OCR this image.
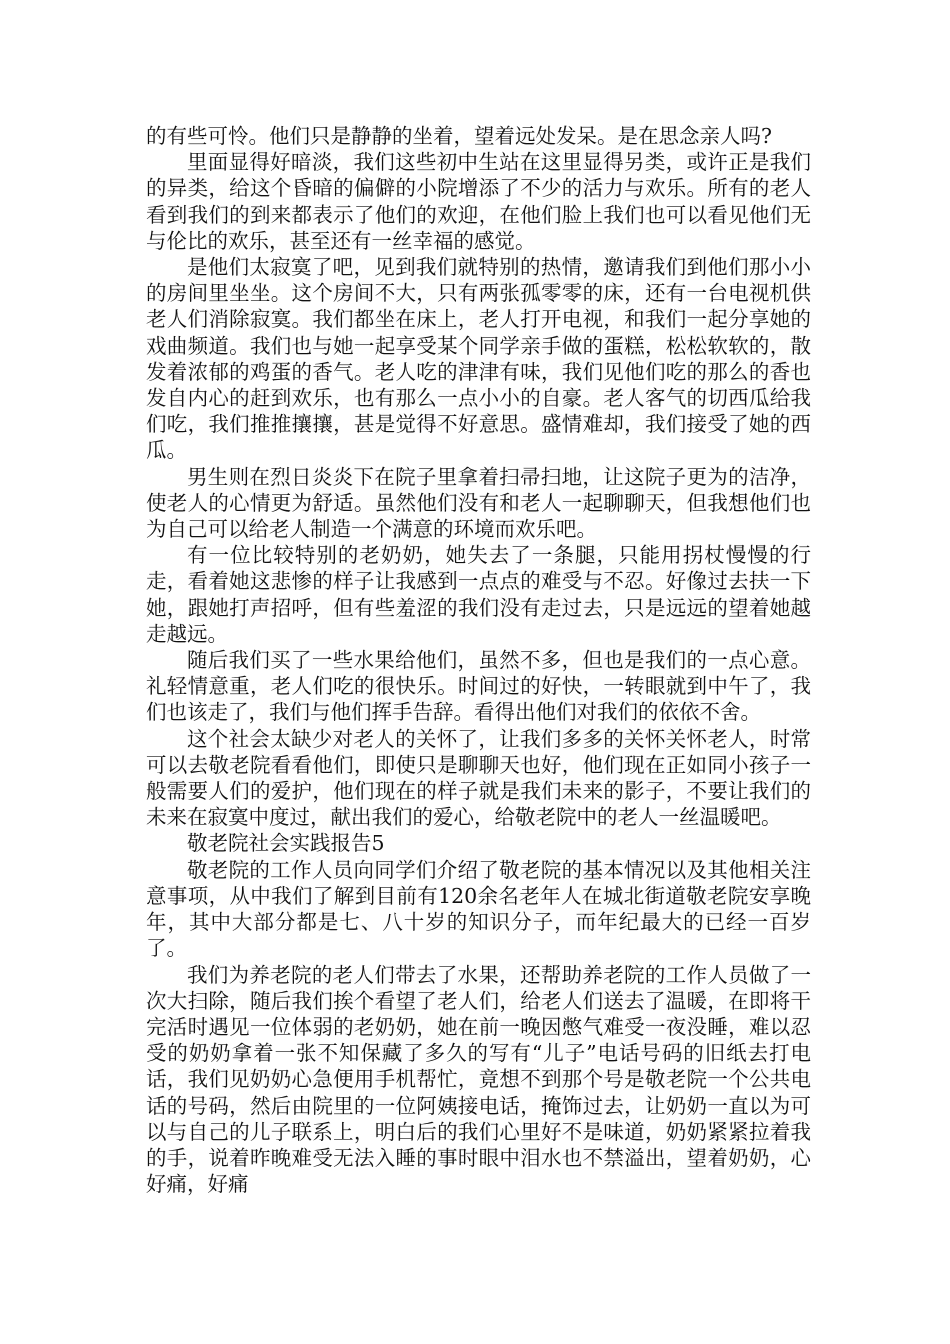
的有些可怜。他们只是静静的坐着，望着远处发呆。是在思念亲人吗?

里面显得好暗淡，我们这些初中生站在这里显得另类，或许正是我们的异类，给这个昏暗的偏僻的小院增添了不少的活力与欢乐。所有的老人看到我们的到来都表示了他们的欢迎，在他们脸上我们也可以看见他们无与伦比的欢乐，甚至还有一丝幸福的感觉。

是他们太寂寞了吧，见到我们就特别的热情，邀请我们到他们那小小的房间里坐坐。这个房间不大，只有两张孤零零的床，还有一台电视机供老人们消除寂寞。我们都坐在床上，老人打开电视，和我们一起分享她的戏曲频道。我们也与她一起享受某个同学亲手做的蛋糕，松松软软的，散发着浓郁的鸡蛋的香气。老人吃的津津有味，我们见他们吃的那么的香也发自内心的赶到欢乐，也有那么一点小小的自豪。老人客气的切西瓜给我们吃，我们推推攘攘，甚是觉得不好意思。盛情难却，我们接受了她的西瓜。

男生则在烈日炎炎下在院子里拿着扫帚扫地，让这院子更为的洁净，使老人的心情更为舒适。虽然他们没有和老人一起聊聊天，但我想他们也为自己可以给老人制造一个满意的环境而欢乐吧。

有一位比较特别的老奶奶，她失去了一条腿，只能用拐杖慢慢的行走，看着她这悲惨的样子让我感到一点点的难受与不忍。好像过去扶一下她，跟她打声招呼，但有些羞涩的我们没有走过去，只是远远的望着她越走越远。

随后我们买了一些水果给他们，虽然不多，但也是我们的一点心意。礼轻情意重，老人们吃的很快乐。时间过的好快，一转眼就到中午了，我们也该走了，我们与他们挥手告辞。看得出他们对我们的依依不舍。

这个社会太缺少对老人的关怀了，让我们多多的关怀关怀老人，时常可以去敬老院看看他们，即使只是聊聊天也好，他们现在正如同小孩子一般需要人们的爱护，他们现在的样子就是我们未来的影子，不要让我们的未来在寂寞中度过，献出我们的爱心，给敬老院中的老人一丝温暖吧。

敬老院社会实践报告5

敬老院的工作人员向同学们介绍了敬老院的基本情况以及其他相关注意事项，从中我们了解到目前有120余名老年人在城北街道敬老院安享晚年，其中大部分都是七、八十岁的知识分子，而年纪最大的已经一百岁了。

我们为养老院的老人们带去了水果，还帮助养老院的工作人员做了一次大扫除，随后我们挨个看望了老人们，给老人们送去了温暖，在即将干完活时遇见一位体弱的老奶奶，她在前一晚因憋气难受一夜没睡，难以忍受的奶奶拿着一张不知保藏了多久的写有“儿子”电话号码的旧纸去打电话，我们见奶奶心急便用手机帮忙，竟想不到那个号是敬老院一个公共电话的号码，然后由院里的一位阿姨接电话，掩饰过去，让奶奶一直以为可以与自己的儿子联系上，明白后的我们心里好不是味道，奶奶紧紧拉着我的手，说着昨晚难受无法入睡的事时眼中泪水也不禁溢出，望着奶奶，心好痛，好痛
